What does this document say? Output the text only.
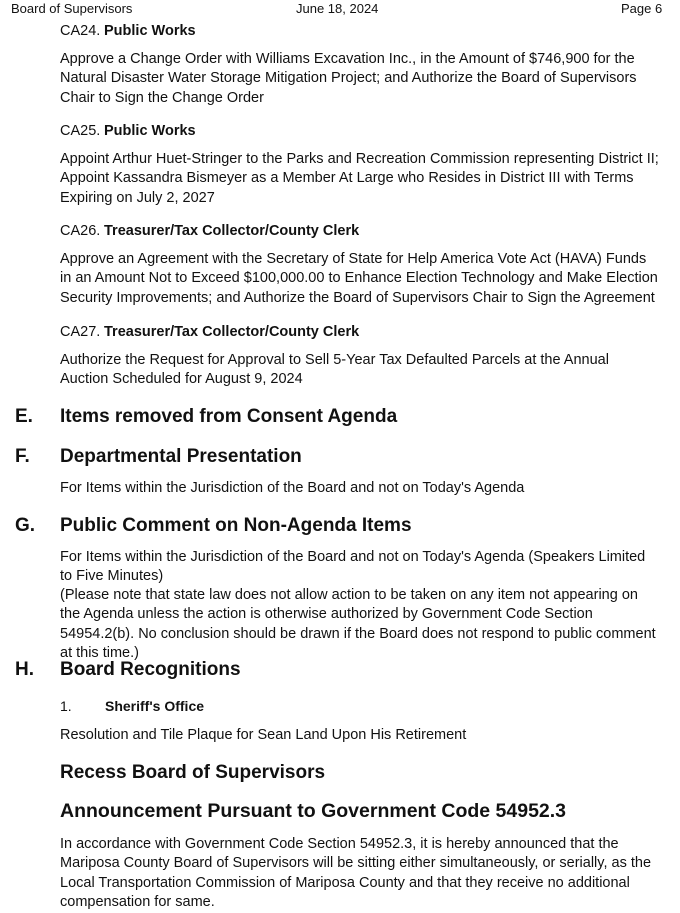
Board of Supervisors	June 18, 2024	Page 6
CA24. Public Works
Approve a Change Order with Williams Excavation Inc., in the Amount of $746,900 for the Natural Disaster Water Storage Mitigation Project; and Authorize the Board of Supervisors Chair to Sign the Change Order
CA25. Public Works
Appoint Arthur Huet-Stringer to the Parks and Recreation Commission representing District II; Appoint Kassandra Bismeyer as a Member At Large who Resides in District III with Terms Expiring on July 2, 2027
CA26. Treasurer/Tax Collector/County Clerk
Approve an Agreement with the Secretary of State for Help America Vote Act (HAVA) Funds in an Amount Not to Exceed $100,000.00 to Enhance Election Technology and Make Election Security Improvements; and Authorize the Board of Supervisors Chair to Sign the Agreement
CA27. Treasurer/Tax Collector/County Clerk
Authorize the Request for Approval to Sell 5-Year Tax Defaulted Parcels at the Annual Auction Scheduled for August 9, 2024
E. Items removed from Consent Agenda
F. Departmental Presentation
For Items within the Jurisdiction of the Board and not on Today's Agenda
G. Public Comment on Non-Agenda Items
For Items within the Jurisdiction of the Board and not on Today's Agenda (Speakers Limited to Five Minutes)
(Please note that state law does not allow action to be taken on any item not appearing on the Agenda unless the action is otherwise authorized by Government Code Section 54954.2(b). No conclusion should be drawn if the Board does not respond to public comment at this time.)
H. Board Recognitions
1. Sheriff's Office
Resolution and Tile Plaque for Sean Land Upon His Retirement
Recess Board of Supervisors
Announcement Pursuant to Government Code 54952.3
In accordance with Government Code Section 54952.3, it is hereby announced that the Mariposa County Board of Supervisors will be sitting either simultaneously, or serially, as the Local Transportation Commission of Mariposa County and that they receive no additional compensation for same.
